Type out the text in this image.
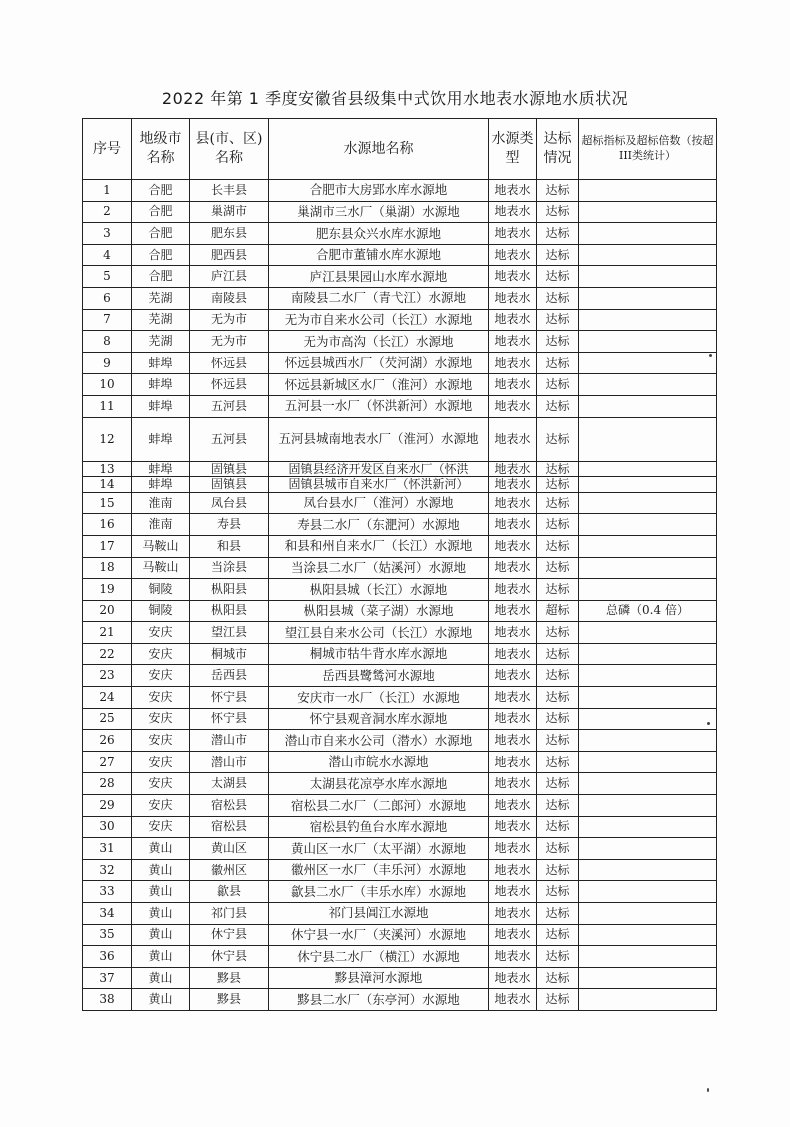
2022 年第 1 季度安徽省县级集中式饮用水地表水源地水质状况
序号	地级市名称	县(市、区)名称	水源地名称	水源类型	达标情况	超标指标及超标倍数（按超III类统计）
1	合肥	长丰县	合肥市大房郢水库水源地	地表水	达标	
2	合肥	巢湖市	巢湖市三水厂（巢湖）水源地	地表水	达标	
3	合肥	肥东县	肥东县众兴水库水源地	地表水	达标	
4	合肥	肥西县	合肥市董铺水库水源地	地表水	达标	
5	合肥	庐江县	庐江县果园山水库水源地	地表水	达标	
6	芜湖	南陵县	南陵县二水厂（青弋江）水源地	地表水	达标	
7	芜湖	无为市	无为市自来水公司（长江）水源地	地表水	达标	
8	芜湖	无为市	无为市高沟（长江）水源地	地表水	达标	
9	蚌埠	怀远县	怀远县城西水厂（芡河湖）水源地	地表水	达标	
10	蚌埠	怀远县	怀远县新城区水厂（淮河）水源地	地表水	达标	
11	蚌埠	五河县	五河县一水厂（怀洪新河）水源地	地表水	达标	
12	蚌埠	五河县	五河县城南地表水厂（淮河）水源地	地表水	达标	
13	蚌埠	固镇县	固镇县经济开发区自来水厂（怀洪	地表水	达标	
14	蚌埠	固镇县	固镇县城市自来水厂（怀洪新河）	地表水	达标	
15	淮南	凤台县	凤台县水厂（淮河）水源地	地表水	达标	
16	淮南	寿县	寿县二水厂（东淝河）水源地	地表水	达标	
17	马鞍山	和县	和县和州自来水厂（长江）水源地	地表水	达标	
18	马鞍山	当涂县	当涂县二水厂（姑溪河）水源地	地表水	达标	
19	铜陵	枞阳县	枞阳县城（长江）水源地	地表水	达标	
20	铜陵	枞阳县	枞阳县城（菜子湖）水源地	地表水	超标	总磷（0.4 倍）
21	安庆	望江县	望江县自来水公司（长江）水源地	地表水	达标	
22	安庆	桐城市	桐城市牯牛背水库水源地	地表水	达标	
23	安庆	岳西县	岳西县鹭鸶河水源地	地表水	达标	
24	安庆	怀宁县	安庆市一水厂（长江）水源地	地表水	达标	
25	安庆	怀宁县	怀宁县观音洞水库水源地	地表水	达标	
26	安庆	潜山市	潜山市自来水公司（潜水）水源地	地表水	达标	
27	安庆	潜山市	潜山市皖水水源地	地表水	达标	
28	安庆	太湖县	太湖县花凉亭水库水源地	地表水	达标	
29	安庆	宿松县	宿松县二水厂（二郎河）水源地	地表水	达标	
30	安庆	宿松县	宿松县钓鱼台水库水源地	地表水	达标	
31	黄山	黄山区	黄山区一水厂（太平湖）水源地	地表水	达标	
32	黄山	徽州区	徽州区一水厂（丰乐河）水源地	地表水	达标	
33	黄山	歙县	歙县二水厂（丰乐水库）水源地	地表水	达标	
34	黄山	祁门县	祁门县阊江水源地	地表水	达标	
35	黄山	休宁县	休宁县一水厂（夹溪河）水源地	地表水	达标	
36	黄山	休宁县	休宁县二水厂（横江）水源地	地表水	达标	
37	黄山	黟县	黟县漳河水源地	地表水	达标	
38	黄山	黟县	黟县二水厂（东亭河）水源地	地表水	达标	
